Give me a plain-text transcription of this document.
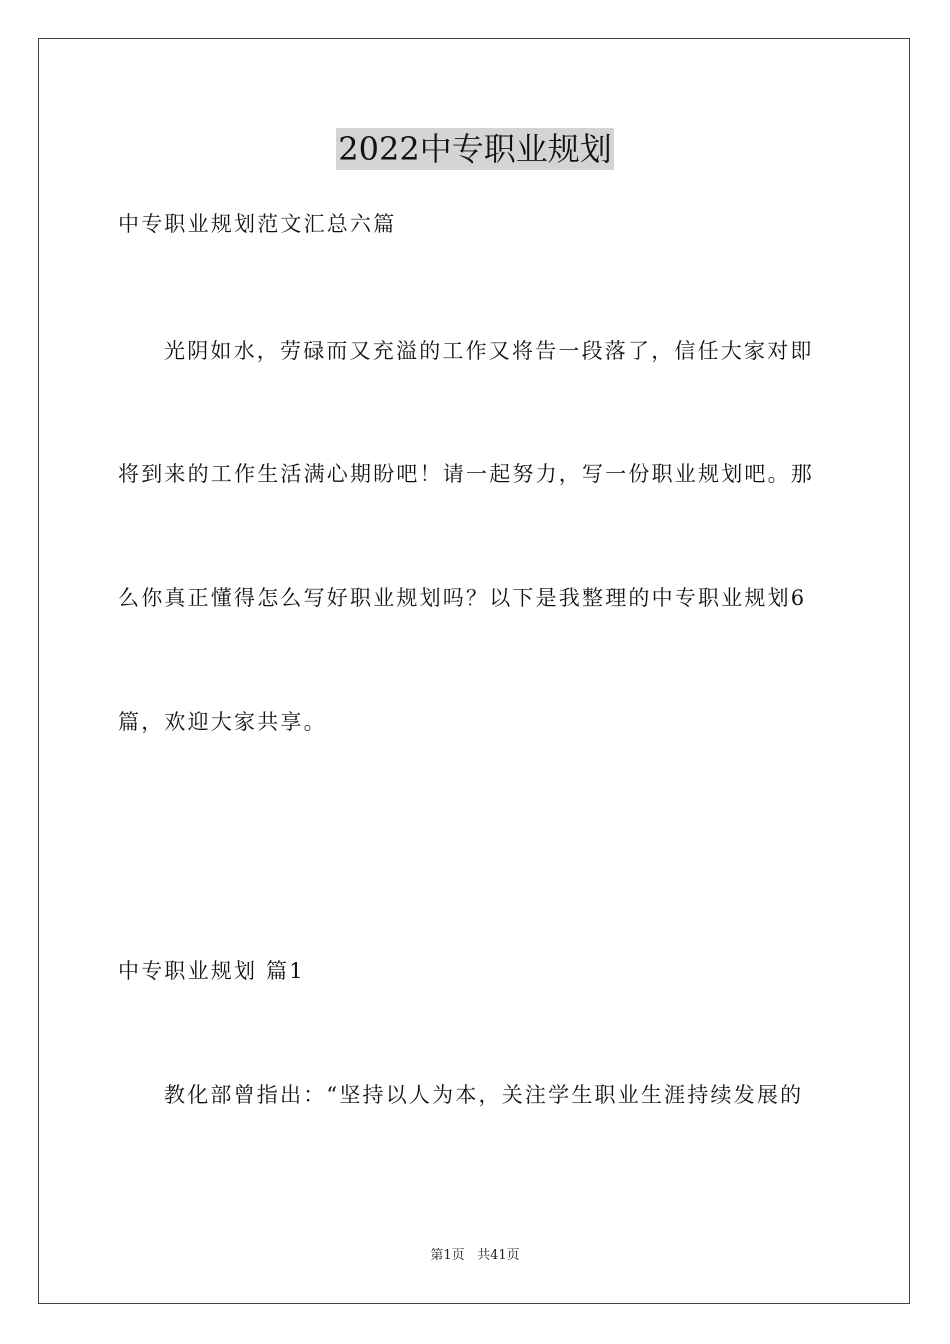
2022中专职业规划
中专职业规划范文汇总六篇
光阴如水，劳碌而又充溢的工作又将告一段落了，信任大家对即
将到来的工作生活满心期盼吧！请一起努力，写一份职业规划吧。那
么你真正懂得怎么写好职业规划吗？以下是我整理的中专职业规划6
篇，欢迎大家共享。
中专职业规划 篇1
教化部曾指出：“坚持以人为本，关注学生职业生涯持续发展的
第1页 共41页
